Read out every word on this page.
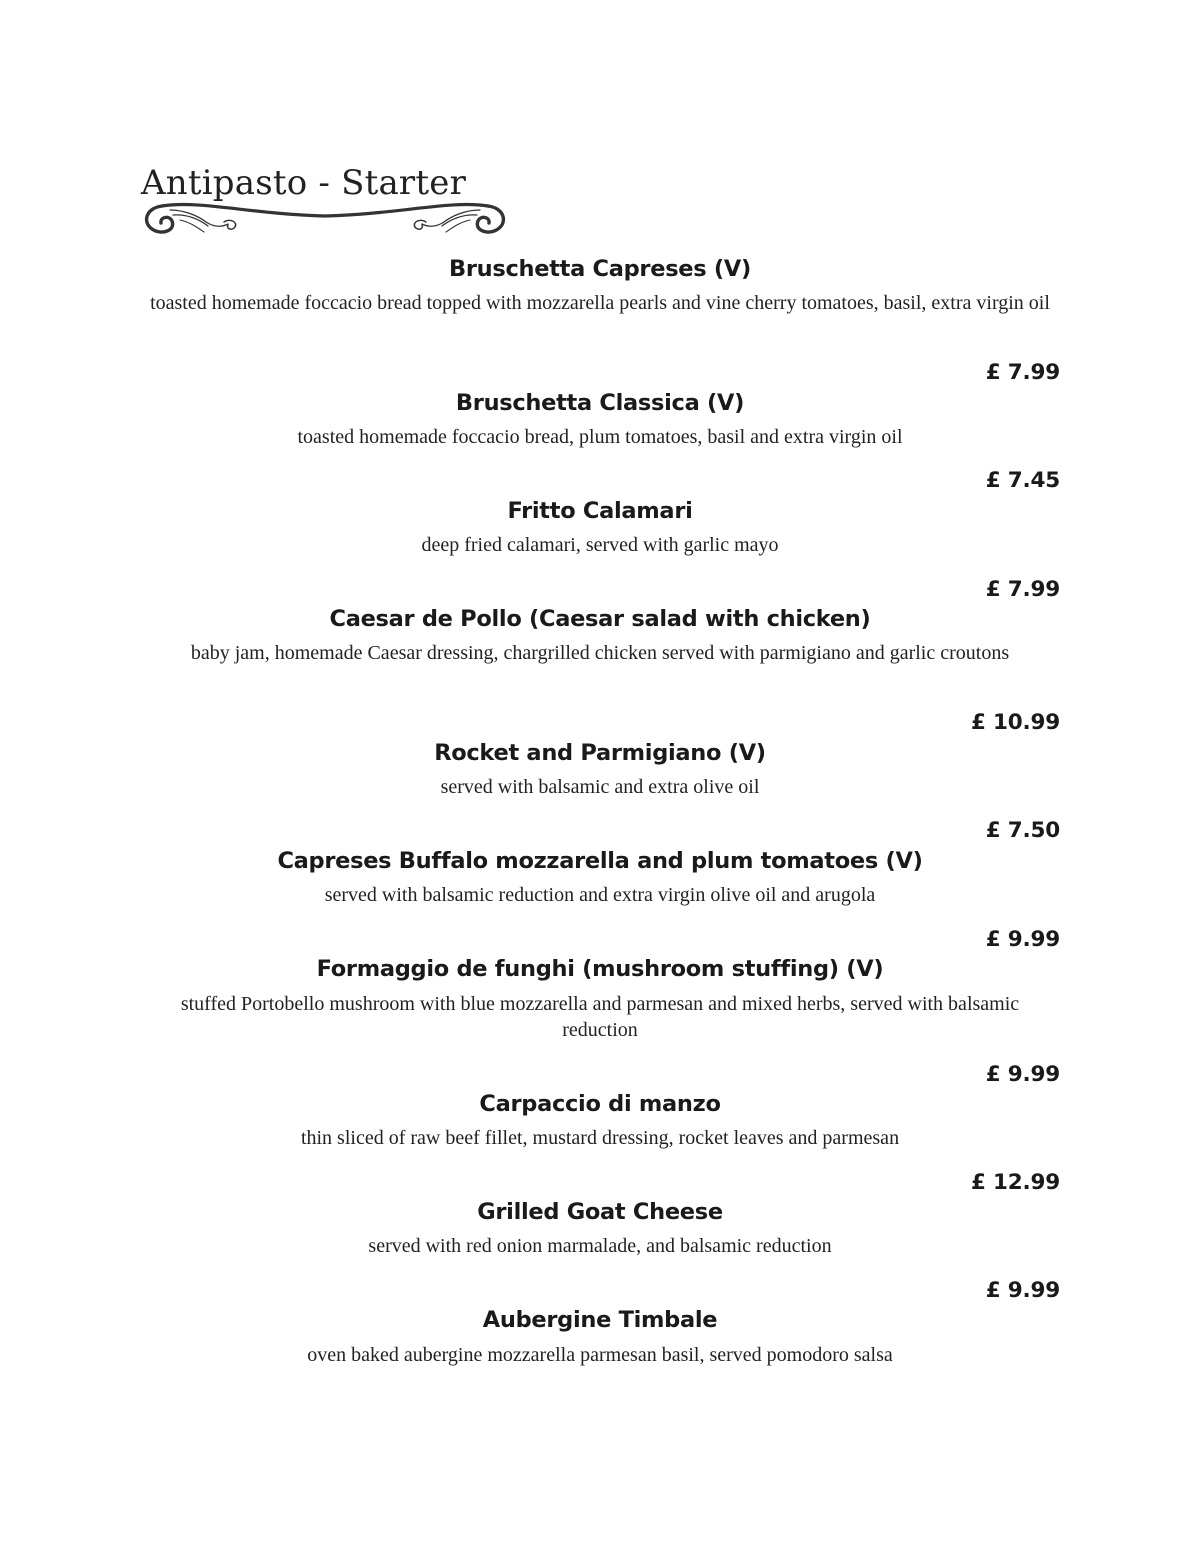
Antipasto - Starter
Bruschetta Capreses (V)
toasted homemade foccacio bread topped with mozzarella pearls and vine cherry tomatoes, basil, extra virgin oil
£ 7.99
Bruschetta Classica (V)
toasted homemade foccacio bread, plum tomatoes, basil and extra virgin oil
£ 7.45
Fritto Calamari
deep fried calamari, served with garlic mayo
£ 7.99
Caesar de Pollo (Caesar salad with chicken)
baby jam, homemade Caesar dressing, chargrilled chicken served with parmigiano and garlic croutons
£ 10.99
Rocket and Parmigiano (V)
served with balsamic and extra olive oil
£ 7.50
Capreses Buffalo mozzarella and plum tomatoes (V)
served with balsamic reduction and extra virgin olive oil and arugola
£ 9.99
Formaggio de funghi (mushroom stuffing) (V)
stuffed Portobello mushroom with blue mozzarella and parmesan and mixed herbs, served with balsamic reduction
£ 9.99
Carpaccio di manzo
thin sliced of raw beef fillet, mustard dressing, rocket leaves and parmesan
£ 12.99
Grilled Goat Cheese
served with red onion marmalade, and balsamic reduction
£ 9.99
Aubergine Timbale
oven baked aubergine mozzarella parmesan basil, served pomodoro salsa
